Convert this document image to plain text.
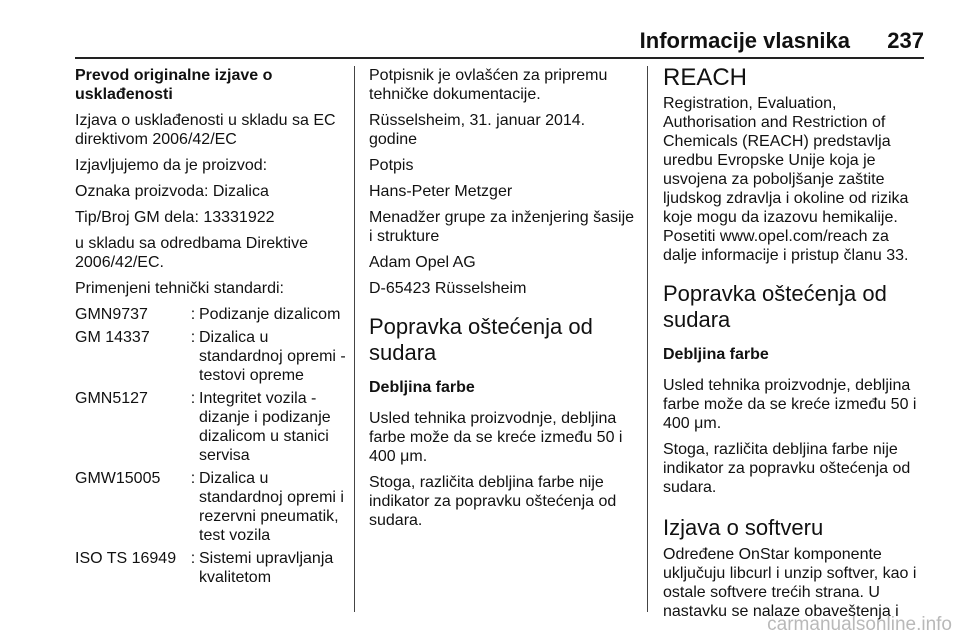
Informacije vlasnika	237
Prevod originalne izjave o usklađenosti

Izjava o usklađenosti u skladu sa EC direktivom 2006/42/EC

Izjavljujemo da je proizvod:

Oznaka proizvoda: Dizalica

Tip/Broj GM dela: 13331922

u skladu sa odredbama Direktive 2006/42/EC.

Primenjeni tehnički standardi:

GMN9737	:	Podizanje dizalicom
GM 14337	:	Dizalica u standardnoj opremi - testovi opreme
GMN5127	:	Integritet vozila - dizanje i podizanje dizalicom u stanici servisa
GMW15005	:	Dizalica u standardnoj opremi i rezervni pneumatik, test vozila
ISO TS 16949	:	Sistemi upravljanja kvalitetom

Potpisnik je ovlašćen za pripremu tehničke dokumentacije.

Rüsselsheim, 31. januar 2014. godine

Potpis

Hans-Peter Metzger

Menadžer grupe za inženjering šasije i strukture

Adam Opel AG

D-65423 Rüsselsheim

Popravka oštećenja od sudara
Debljina farbe

Usled tehnika proizvodnje, debljina farbe može da se kreće između 50 i 400 μm.

Stoga, različita debljina farbe nije indikator za popravku oštećenja od sudara.

REACH

Registration, Evaluation, Authorisation and Restriction of Chemicals (REACH) predstavlja uredbu Evropske Unije koja je usvojena za poboljšanje zaštite ljudskog zdravlja i okoline od rizika koje mogu da izazovu hemikalije. Posetiti www.opel.com/reach za dalje informacije i pristup članu 33.

Popravka oštećenja od sudara
Debljina farbe

Usled tehnika proizvodnje, debljina farbe može da se kreće između 50 i 400 μm.

Stoga, različita debljina farbe nije indikator za popravku oštećenja od sudara.

Izjava o softveru

Određene OnStar komponente uključuju libcurl i unzip softver, kao i ostale softvere trećih strana. U nastavku se nalaze obaveštenja i

carmanualsonline.info
